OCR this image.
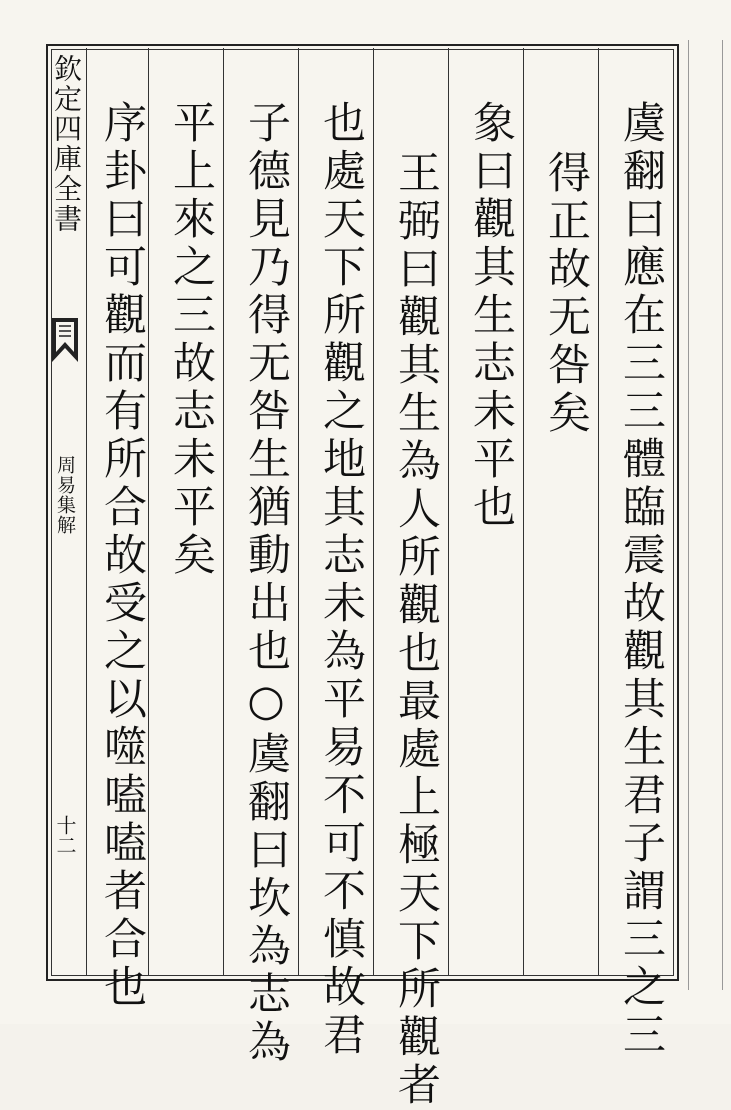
欽定四庫全書
周易集解
十二	虞翻曰應在三三體臨震故觀其生君子謂三之三
得正故无咎矣
象曰觀其生志未平也
王弼曰觀其生為人所觀也最處上極天下所觀者
也處天下所觀之地其志未為平易不可不慎故君
子德見乃得无咎生猶動出也○虞翻曰坎為志為
平上來之三故志未平矣
序卦曰可觀而有所合故受之以噬嗑嗑者合也
